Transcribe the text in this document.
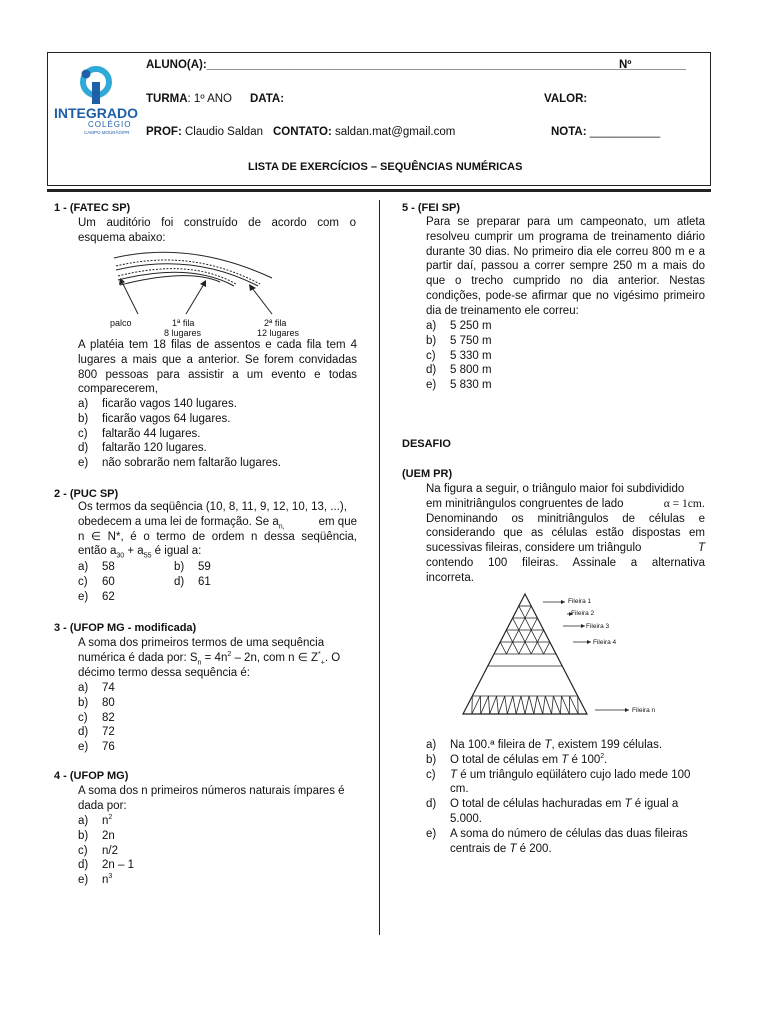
INTEGRADO
COLÉGIO
CAMPO MOURÃO/PR
ALUNO(A):___________________________________________________________________
Nº ________
TURMA: 1º ANO DATA:	VALOR:
PROF: Claudio Saldan CONTATO: saldan.mat@gmail.com	NOTA: ___________
LISTA DE EXERCÍCIOS – SEQUÊNCIAS NUMÉRICAS
1 - (FATEC SP)
Um auditório foi construído de acordo com o
esquema abaixo:
palco	1ª fila
8 lugares
2ª fila
12 lugares
A platéia tem 18 filas de assentos e cada fila tem 4 lugares a mais que a anterior. Se forem convidadas 800 pessoas para assistir a um evento e todas comparecerem,
a) ficarão vagos 140 lugares.
b) ficarão vagos 64 lugares.
c) faltarão 44 lugares.
d) faltarão 120 lugares.
e) não sobrarão nem faltarão lugares.
2 - (PUC SP)
Os termos da seqüência (10, 8, 11, 9, 12, 10, 13, ...),
obedecem a uma lei de formação. Se $a_{n,}$	em que
n ∈ N*, é o termo de ordem n dessa seqüência,
então $a_{30} + a_{55}$ é igual a:
a) 58	b) 59
c) 60	d) 61
e) 62
3 - (UFOP MG - modificada)
A soma dos primeiros termos de uma sequência
numérica é dada por: $S_n = 4n^2 - 2n$, com n ∈ $Z^*_+$. O
décimo termo dessa sequência é:
a) 74
b) 80
c) 82
d) 72
e) 76
4 - (UFOP MG)
A soma dos n primeiros números naturais ímpares é
dada por:
a) $n^2$
b) 2n
c) n/2
d) 2n – 1
e) $n^3$
5 - (FEI SP)
Para se preparar para um campeonato, um atleta resolveu cumprir um programa de treinamento diário durante 30 dias. No primeiro dia ele correu 800 m e a partir daí, passou a correr sempre 250 m a mais do que o trecho cumprido no dia anterior. Nestas condições, pode-se afirmar que no vigésimo primeiro dia de treinamento ele correu:
a) 5 250 m
b) 5 750 m
c) 5 330 m
d) 5 800 m
e) 5 830 m
DESAFIO
(UEM PR)
Na figura a seguir, o triângulo maior foi subdividido
em minitriângulos congruentes de lado	α = 1cm.
Denominando os minitriângulos de células e
considerando que as células estão dispostas em
sucessivas fileiras, considere um triângulo	T
contendo 100 fileiras. Assinale a alternativa
incorreta.
Fileira 1
Fileira 2
Fileira 3
Fileira 4
Fileira n
a) Na 100.ª fileira de T, existem 199 células.
b) O total de células em T é $100^2$.
c) T é um triângulo eqüilátero cujo lado mede 100
cm.
d) O total de células hachuradas em T é igual a
5.000.
e) A soma do número de células das duas fileiras
centrais de T é 200.
